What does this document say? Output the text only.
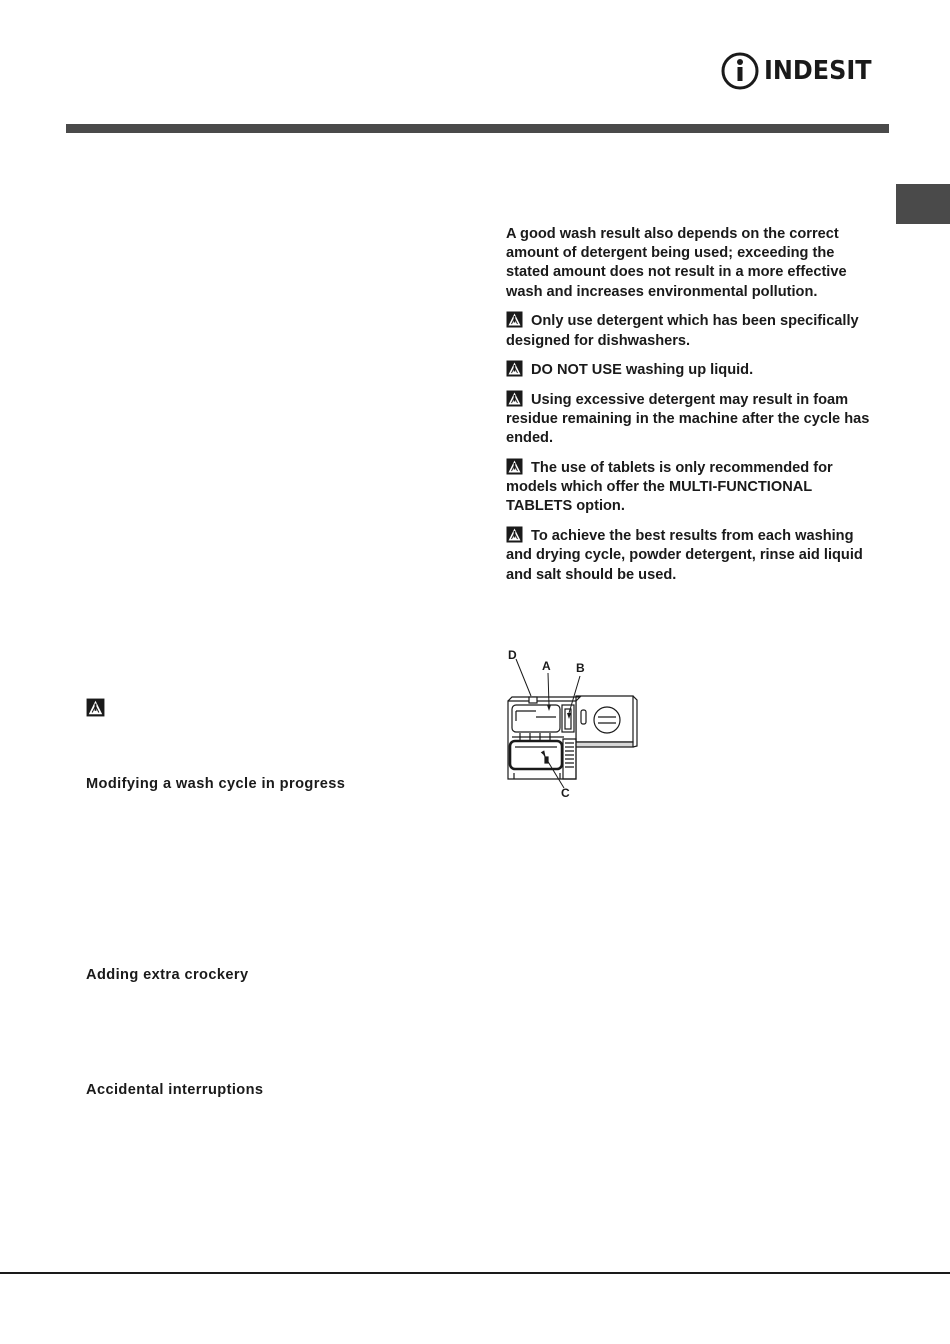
INDESIT

A good wash result also depends on the correct amount of detergent being used; exceeding the stated amount does not result in a more effective wash and increases environmental pollution.

Only use detergent which has been specifically designed for dishwashers.

DO NOT USE washing up liquid.

Using excessive detergent may result in foam residue remaining in the machine after the cycle has ended.

The use of tablets is only recommended for models which offer the MULTI-FUNCTIONAL TABLETS option.

To achieve the best results from each washing and drying cycle, powder detergent, rinse aid liquid and salt should be used.

Modifying a wash cycle in progress
Adding extra crockery
Accidental interruptions
D
A B
C
